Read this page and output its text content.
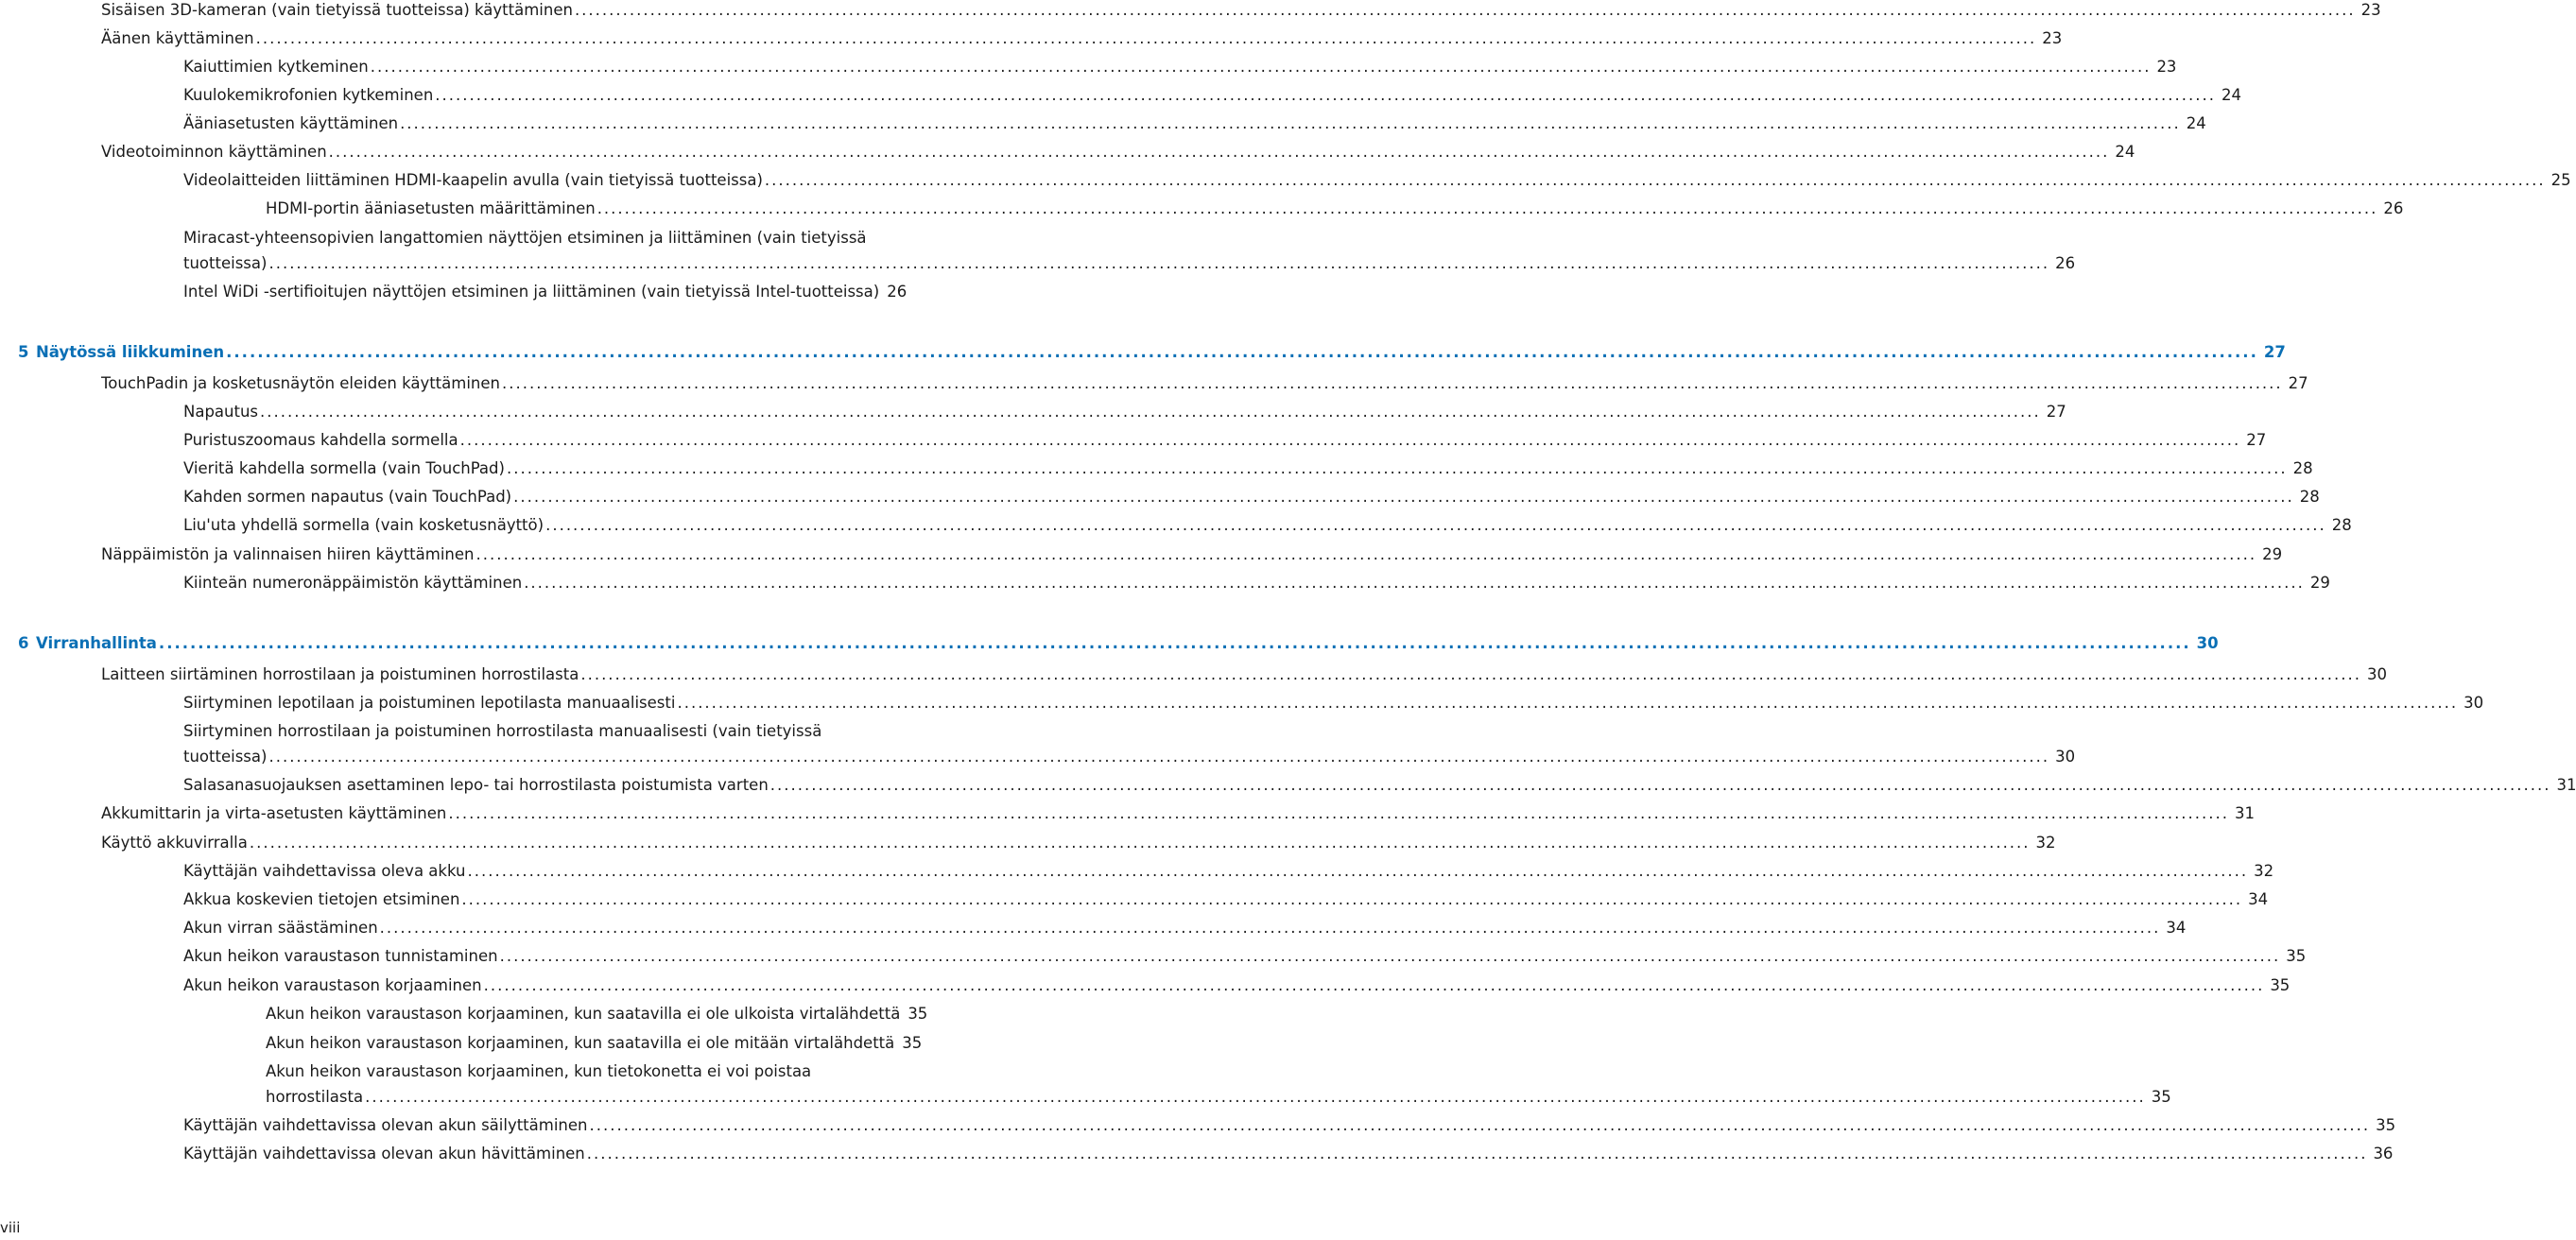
Sisäisen 3D-kameran (vain tietyissä tuotteissa) käyttäminen .....	23
Äänen käyttäminen .....	23
Kaiuttimien kytkeminen .....	23
Kuulokemikrofonien kytkeminen .....	24
Ääniasetusten käyttäminen .....	24
Videotoiminnon käyttäminen .....	24
Videolaitteiden liittäminen HDMI-kaapelin avulla (vain tietyissä tuotteissa) .....	25
HDMI-portin ääniasetusten määrittäminen .....	26
Miracast-yhteensopivien langattomien näyttöjen etsiminen ja liittäminen (vain tietyissä
tuotteissa) .....	26
Intel WiDi -sertifioitujen näyttöjen etsiminen ja liittäminen (vain tietyissä Intel-tuotteissa) 26
5 Näytössä liikkuminen .....	27
TouchPadin ja kosketusnäytön eleiden käyttäminen .....	27
Napautus .....	27
Puristuszoomaus kahdella sormella .....	27
Vieritä kahdella sormella (vain TouchPad) .....	28
Kahden sormen napautus (vain TouchPad) .....	28
Liu'uta yhdellä sormella (vain kosketusnäyttö) .....	28
Näppäimistön ja valinnaisen hiiren käyttäminen .....	29
Kiinteän numeronäppäimistön käyttäminen .....	29
6 Virranhallinta .....	30
Laitteen siirtäminen horrostilaan ja poistuminen horrostilasta .....	30
Siirtyminen lepotilaan ja poistuminen lepotilasta manuaalisesti .....	30
Siirtyminen horrostilaan ja poistuminen horrostilasta manuaalisesti (vain tietyissä
tuotteissa) .....	30
Salasanasuojauksen asettaminen lepo- tai horrostilasta poistumista varten .....	31
Akkumittarin ja virta-asetusten käyttäminen .....	31
Käyttö akkuvirralla .....	32
Käyttäjän vaihdettavissa oleva akku .....	32
Akkua koskevien tietojen etsiminen .....	34
Akun virran säästäminen .....	34
Akun heikon varaustason tunnistaminen .....	35
Akun heikon varaustason korjaaminen .....	35
Akun heikon varaustason korjaaminen, kun saatavilla ei ole ulkoista virtalähdettä 35
Akun heikon varaustason korjaaminen, kun saatavilla ei ole mitään virtalähdettä 35
Akun heikon varaustason korjaaminen, kun tietokonetta ei voi poistaa
horrostilasta .....	35
Käyttäjän vaihdettavissa olevan akun säilyttäminen .....	35
Käyttäjän vaihdettavissa olevan akun hävittäminen .....	36
viii
